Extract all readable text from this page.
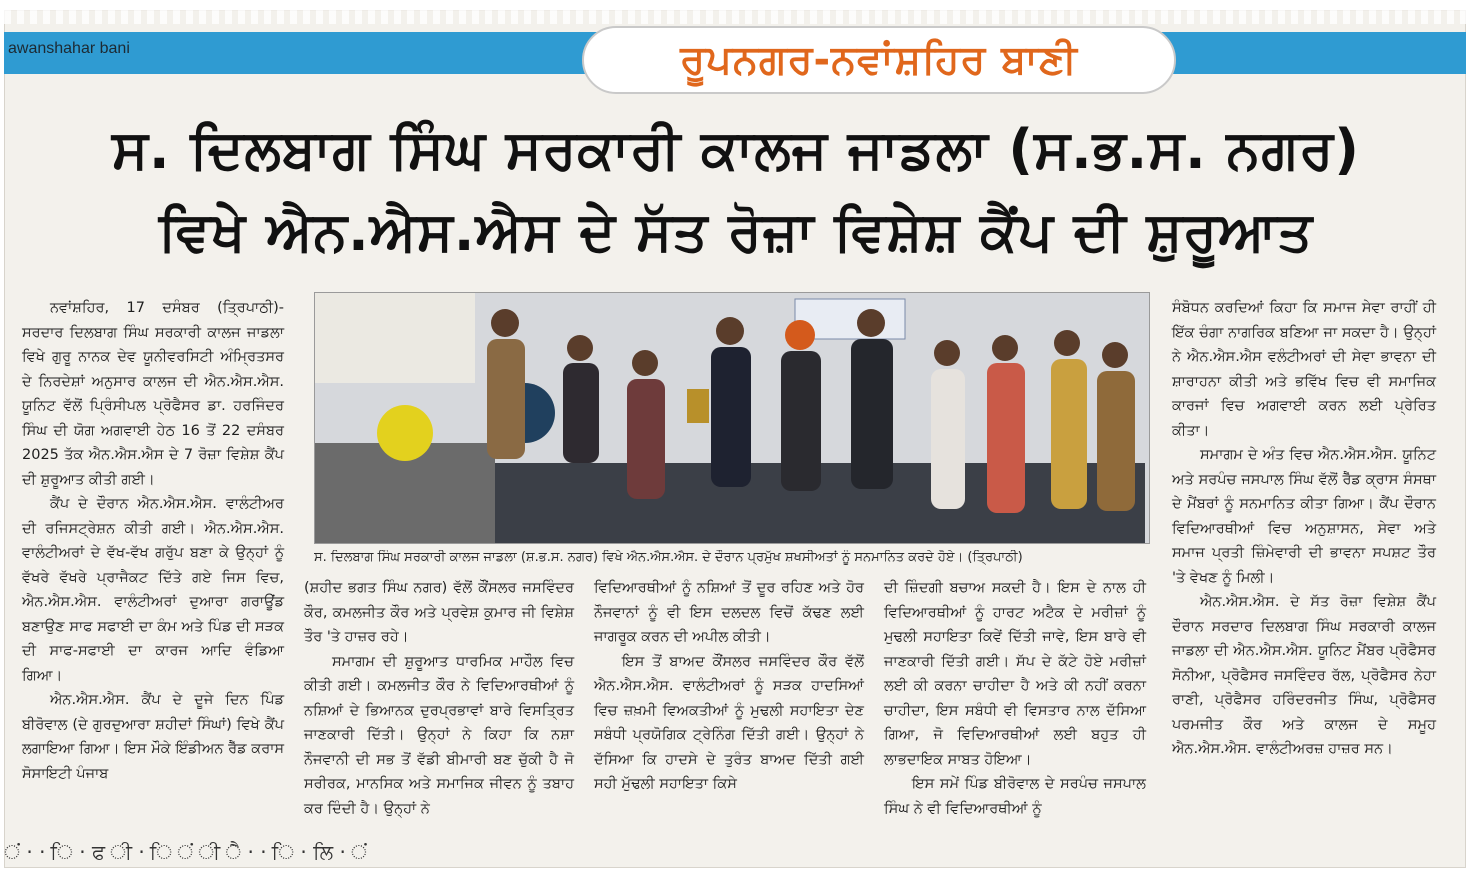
awanshahar bani	ਰੂਪਨਗਰ-ਨਵਾਂਸ਼ਹਿਰ ਬਾਣੀ
ਸ. ਦਿਲਬਾਗ ਸਿੰਘ ਸਰਕਾਰੀ ਕਾਲਜ ਜਾਡਲਾ (ਸ.ਭ.ਸ. ਨਗਰ)
ਵਿਖੇ ਐਨ.ਐਸ.ਐਸ ਦੇ ਸੱਤ ਰੋਜ਼ਾ ਵਿਸ਼ੇਸ਼ ਕੈਂਪ ਦੀ ਸ਼ੁਰੂਆਤ

ਨਵਾਂਸ਼ਹਿਰ, 17 ਦਸੰਬਰ (ਤ੍ਰਿਪਾਠੀ)- ਸਰਦਾਰ ਦਿਲਬਾਗ ਸਿੰਘ ਸਰਕਾਰੀ ਕਾਲਜ ਜਾਡਲਾ ਵਿਖੇ ਗੁਰੂ ਨਾਨਕ ਦੇਵ ਯੂਨੀਵਰਸਿਟੀ ਅੰਮ੍ਰਿਤਸਰ ਦੇ ਨਿਰਦੇਸ਼ਾਂ ਅਨੁਸਾਰ ਕਾਲਜ ਦੀ ਐਨ.ਐਸ.ਐਸ. ਯੂਨਿਟ ਵੱਲੋਂ ਪ੍ਰਿੰਸੀਪਲ ਪ੍ਰੋਫੈਸਰ ਡਾ. ਹਰਜਿੰਦਰ ਸਿੰਘ ਦੀ ਯੋਗ ਅਗਵਾਈ ਹੇਠ 16 ਤੋਂ 22 ਦਸੰਬਰ 2025 ਤੱਕ ਐਨ.ਐਸ.ਐਸ ਦੇ 7 ਰੋਜ਼ਾ ਵਿਸ਼ੇਸ਼ ਕੈਂਪ ਦੀ ਸ਼ੁਰੂਆਤ ਕੀਤੀ ਗਈ।

ਕੈਂਪ ਦੇ ਦੌਰਾਨ ਐਨ.ਐਸ.ਐਸ. ਵਾਲੰਟੀਅਰ ਦੀ ਰਜਿਸਟ੍ਰੇਸ਼ਨ ਕੀਤੀ ਗਈ। ਐਨ.ਐਸ.ਐਸ. ਵਾਲੰਟੀਅਰਾਂ ਦੇ ਵੱਖ-ਵੱਖ ਗਰੁੱਪ ਬਣਾ ਕੇ ਉਨ੍ਹਾਂ ਨੂੰ ਵੱਖਰੇ ਵੱਖਰੇ ਪ੍ਰਾਜੈਕਟ ਦਿੱਤੇ ਗਏ ਜਿਸ ਵਿਚ, ਐਨ.ਐਸ.ਐਸ. ਵਾਲੰਟੀਅਰਾਂ ਦੁਆਰਾ ਗਰਾਊਂਡ ਬਣਾਉਣ ਸਾਫ ਸਫਾਈ ਦਾ ਕੰਮ ਅਤੇ ਪਿੰਡ ਦੀ ਸੜਕ ਦੀ ਸਾਫ-ਸਫਾਈ ਦਾ ਕਾਰਜ ਆਦਿ ਵੰਡਿਆ ਗਿਆ।

ਐਨ.ਐਸ.ਐਸ. ਕੈਂਪ ਦੇ ਦੂਜੇ ਦਿਨ ਪਿੰਡ ਬੀਰੋਵਾਲ (ਦੇ ਗੁਰਦੁਆਰਾ ਸ਼ਹੀਦਾਂ ਸਿੰਘਾਂ) ਵਿਖੇ ਕੈਂਪ ਲਗਾਇਆ ਗਿਆ। ਇਸ ਮੌਕੇ ਇੰਡੀਅਨ ਰੈੱਡ ਕਰਾਸ ਸੋਸਾਇਟੀ ਪੰਜਾਬ

ਸ. ਦਿਲਬਾਗ ਸਿੰਘ ਸਰਕਾਰੀ ਕਾਲਜ ਜਾਡਲਾ (ਸ਼.ਭ.ਸ. ਨਗਰ) ਵਿਖੇ ਐਨ.ਐਸ.ਐਸ. ਦੇ ਦੌਰਾਨ ਪ੍ਰਮੁੱਖ ਸ਼ਖਸੀਅਤਾਂ ਨੂੰ ਸਨਮਾਨਿਤ ਕਰਦੇ ਹੋਏ। (ਤ੍ਰਿਪਾਠੀ)

(ਸ਼ਹੀਦ ਭਗਤ ਸਿੰਘ ਨਗਰ) ਵੱਲੋਂ ਕੌਂਸਲਰ ਜਸਵਿੰਦਰ ਕੌਰ, ਕਮਲਜੀਤ ਕੌਰ ਅਤੇ ਪ੍ਰਵੇਸ਼ ਕੁਮਾਰ ਜੀ ਵਿਸ਼ੇਸ਼ ਤੌਰ 'ਤੇ ਹਾਜ਼ਰ ਰਹੇ।

ਸਮਾਗਮ ਦੀ ਸ਼ੁਰੂਆਤ ਧਾਰਮਿਕ ਮਾਹੌਲ ਵਿਚ ਕੀਤੀ ਗਈ। ਕਮਲਜੀਤ ਕੌਰ ਨੇ ਵਿਦਿਆਰਥੀਆਂ ਨੂੰ ਨਸ਼ਿਆਂ ਦੇ ਭਿਆਨਕ ਦੁਰਪ੍ਰਭਾਵਾਂ ਬਾਰੇ ਵਿਸਤ੍ਰਿਤ ਜਾਣਕਾਰੀ ਦਿੱਤੀ। ਉਨ੍ਹਾਂ ਨੇ ਕਿਹਾ ਕਿ ਨਸ਼ਾ ਨੌਜਵਾਨੀ ਦੀ ਸਭ ਤੋਂ ਵੱਡੀ ਬੀਮਾਰੀ ਬਣ ਚੁੱਕੀ ਹੈ ਜੋ ਸਰੀਰਕ, ਮਾਨਸਿਕ ਅਤੇ ਸਮਾਜਿਕ ਜੀਵਨ ਨੂੰ ਤਬਾਹ ਕਰ ਦਿੰਦੀ ਹੈ। ਉਨ੍ਹਾਂ ਨੇ

ਵਿਦਿਆਰਥੀਆਂ ਨੂੰ ਨਸ਼ਿਆਂ ਤੋਂ ਦੂਰ ਰਹਿਣ ਅਤੇ ਹੋਰ ਨੌਜਵਾਨਾਂ ਨੂੰ ਵੀ ਇਸ ਦਲਦਲ ਵਿਚੋਂ ਕੱਢਣ ਲਈ ਜਾਗਰੂਕ ਕਰਨ ਦੀ ਅਪੀਲ ਕੀਤੀ।

ਇਸ ਤੋਂ ਬਾਅਦ ਕੌਂਸਲਰ ਜਸਵਿੰਦਰ ਕੌਰ ਵੱਲੋਂ ਐਨ.ਐਸ.ਐਸ. ਵਾਲੰਟੀਅਰਾਂ ਨੂੰ ਸੜਕ ਹਾਦਸਿਆਂ ਵਿਚ ਜ਼ਖ਼ਮੀ ਵਿਅਕਤੀਆਂ ਨੂੰ ਮੁਢਲੀ ਸਹਾਇਤਾ ਦੇਣ ਸਬੰਧੀ ਪ੍ਰਯੋਗਿਕ ਟ੍ਰੇਨਿੰਗ ਦਿੱਤੀ ਗਈ। ਉਨ੍ਹਾਂ ਨੇ ਦੱਸਿਆ ਕਿ ਹਾਦਸੇ ਦੇ ਤੁਰੰਤ ਬਾਅਦ ਦਿੱਤੀ ਗਈ ਸਹੀ ਮੁੱਢਲੀ ਸਹਾਇਤਾ ਕਿਸੇ

ਦੀ ਜ਼ਿੰਦਗੀ ਬਚਾਅ ਸਕਦੀ ਹੈ। ਇਸ ਦੇ ਨਾਲ ਹੀ ਵਿਦਿਆਰਥੀਆਂ ਨੂੰ ਹਾਰਟ ਅਟੈਕ ਦੇ ਮਰੀਜ਼ਾਂ ਨੂੰ ਮੁਢਲੀ ਸਹਾਇਤਾ ਕਿਵੇਂ ਦਿੱਤੀ ਜਾਵੇ, ਇਸ ਬਾਰੇ ਵੀ ਜਾਣਕਾਰੀ ਦਿੱਤੀ ਗਈ। ਸੱਪ ਦੇ ਕੱਟੇ ਹੋਏ ਮਰੀਜ਼ਾਂ ਲਈ ਕੀ ਕਰਨਾ ਚਾਹੀਦਾ ਹੈ ਅਤੇ ਕੀ ਨਹੀਂ ਕਰਨਾ ਚਾਹੀਦਾ, ਇਸ ਸਬੰਧੀ ਵੀ ਵਿਸਤਾਰ ਨਾਲ ਦੱਸਿਆ ਗਿਆ, ਜੋ ਵਿਦਿਆਰਥੀਆਂ ਲਈ ਬਹੁਤ ਹੀ ਲਾਭਦਾਇਕ ਸਾਬਤ ਹੋਇਆ।

ਇਸ ਸਮੇਂ ਪਿੰਡ ਬੀਰੋਵਾਲ ਦੇ ਸਰਪੰਚ ਜਸਪਾਲ ਸਿੰਘ ਨੇ ਵੀ ਵਿਦਿਆਰਥੀਆਂ ਨੂੰ

ਸੰਬੋਧਨ ਕਰਦਿਆਂ ਕਿਹਾ ਕਿ ਸਮਾਜ ਸੇਵਾ ਰਾਹੀਂ ਹੀ ਇੱਕ ਚੰਗਾ ਨਾਗਰਿਕ ਬਣਿਆ ਜਾ ਸਕਦਾ ਹੈ। ਉਨ੍ਹਾਂ ਨੇ ਐਨ.ਐਸ.ਐਸ ਵਲੰਟੀਅਰਾਂ ਦੀ ਸੇਵਾ ਭਾਵਨਾ ਦੀ ਸ਼ਾਰਾਹਨਾ ਕੀਤੀ ਅਤੇ ਭਵਿੱਖ ਵਿਚ ਵੀ ਸਮਾਜਿਕ ਕਾਰਜਾਂ ਵਿਚ ਅਗਵਾਈ ਕਰਨ ਲਈ ਪ੍ਰੇਰਿਤ ਕੀਤਾ।

ਸਮਾਗਮ ਦੇ ਅੰਤ ਵਿਚ ਐਨ.ਐਸ.ਐਸ. ਯੂਨਿਟ ਅਤੇ ਸਰਪੰਚ ਜਸਪਾਲ ਸਿੰਘ ਵੱਲੋਂ ਰੈੱਡ ਕ੍ਰਾਸ ਸੰਸਥਾ ਦੇ ਮੈਂਬਰਾਂ ਨੂੰ ਸਨਮਾਨਿਤ ਕੀਤਾ ਗਿਆ। ਕੈਂਪ ਦੌਰਾਨ ਵਿਦਿਆਰਥੀਆਂ ਵਿਚ ਅਨੁਸ਼ਾਸਨ, ਸੇਵਾ ਅਤੇ ਸਮਾਜ ਪ੍ਰਤੀ ਜ਼ਿੰਮੇਵਾਰੀ ਦੀ ਭਾਵਨਾ ਸਪਸ਼ਟ ਤੌਰ 'ਤੇ ਵੇਖਣ ਨੂੰ ਮਿਲੀ।

ਐਨ.ਐਸ.ਐਸ. ਦੇ ਸੱਤ ਰੋਜ਼ਾ ਵਿਸ਼ੇਸ਼ ਕੈਂਪ ਦੌਰਾਨ ਸਰਦਾਰ ਦਿਲਬਾਗ ਸਿੰਘ ਸਰਕਾਰੀ ਕਾਲਜ ਜਾਡਲਾ ਦੀ ਐਨ.ਐਸ.ਐਸ. ਯੂਨਿਟ ਮੈਂਬਰ ਪ੍ਰੋਫੈਸਰ ਸੋਨੀਆ, ਪ੍ਰੋਫੈਸਰ ਜਸਵਿੰਦਰ ਰੱਲ, ਪ੍ਰੋਫੈਸਰ ਨੇਹਾ ਰਾਣੀ, ਪ੍ਰੋਫੈਸਰ ਹਰਿੰਦਰਜੀਤ ਸਿੰਘ, ਪ੍ਰੋਫੈਸਰ ਪਰਮਜੀਤ ਕੌਰ ਅਤੇ ਕਾਲਜ ਦੇ ਸਮੂਹ ਐਨ.ਐਸ.ਐਸ. ਵਾਲੰਟੀਅਰਜ਼ ਹਾਜ਼ਰ ਸਨ।

ਂ · · ਿ · ਫ ੀ · ਿ ਂ ੀ ੈ · · ਿ · ਲਿ · ਂ
